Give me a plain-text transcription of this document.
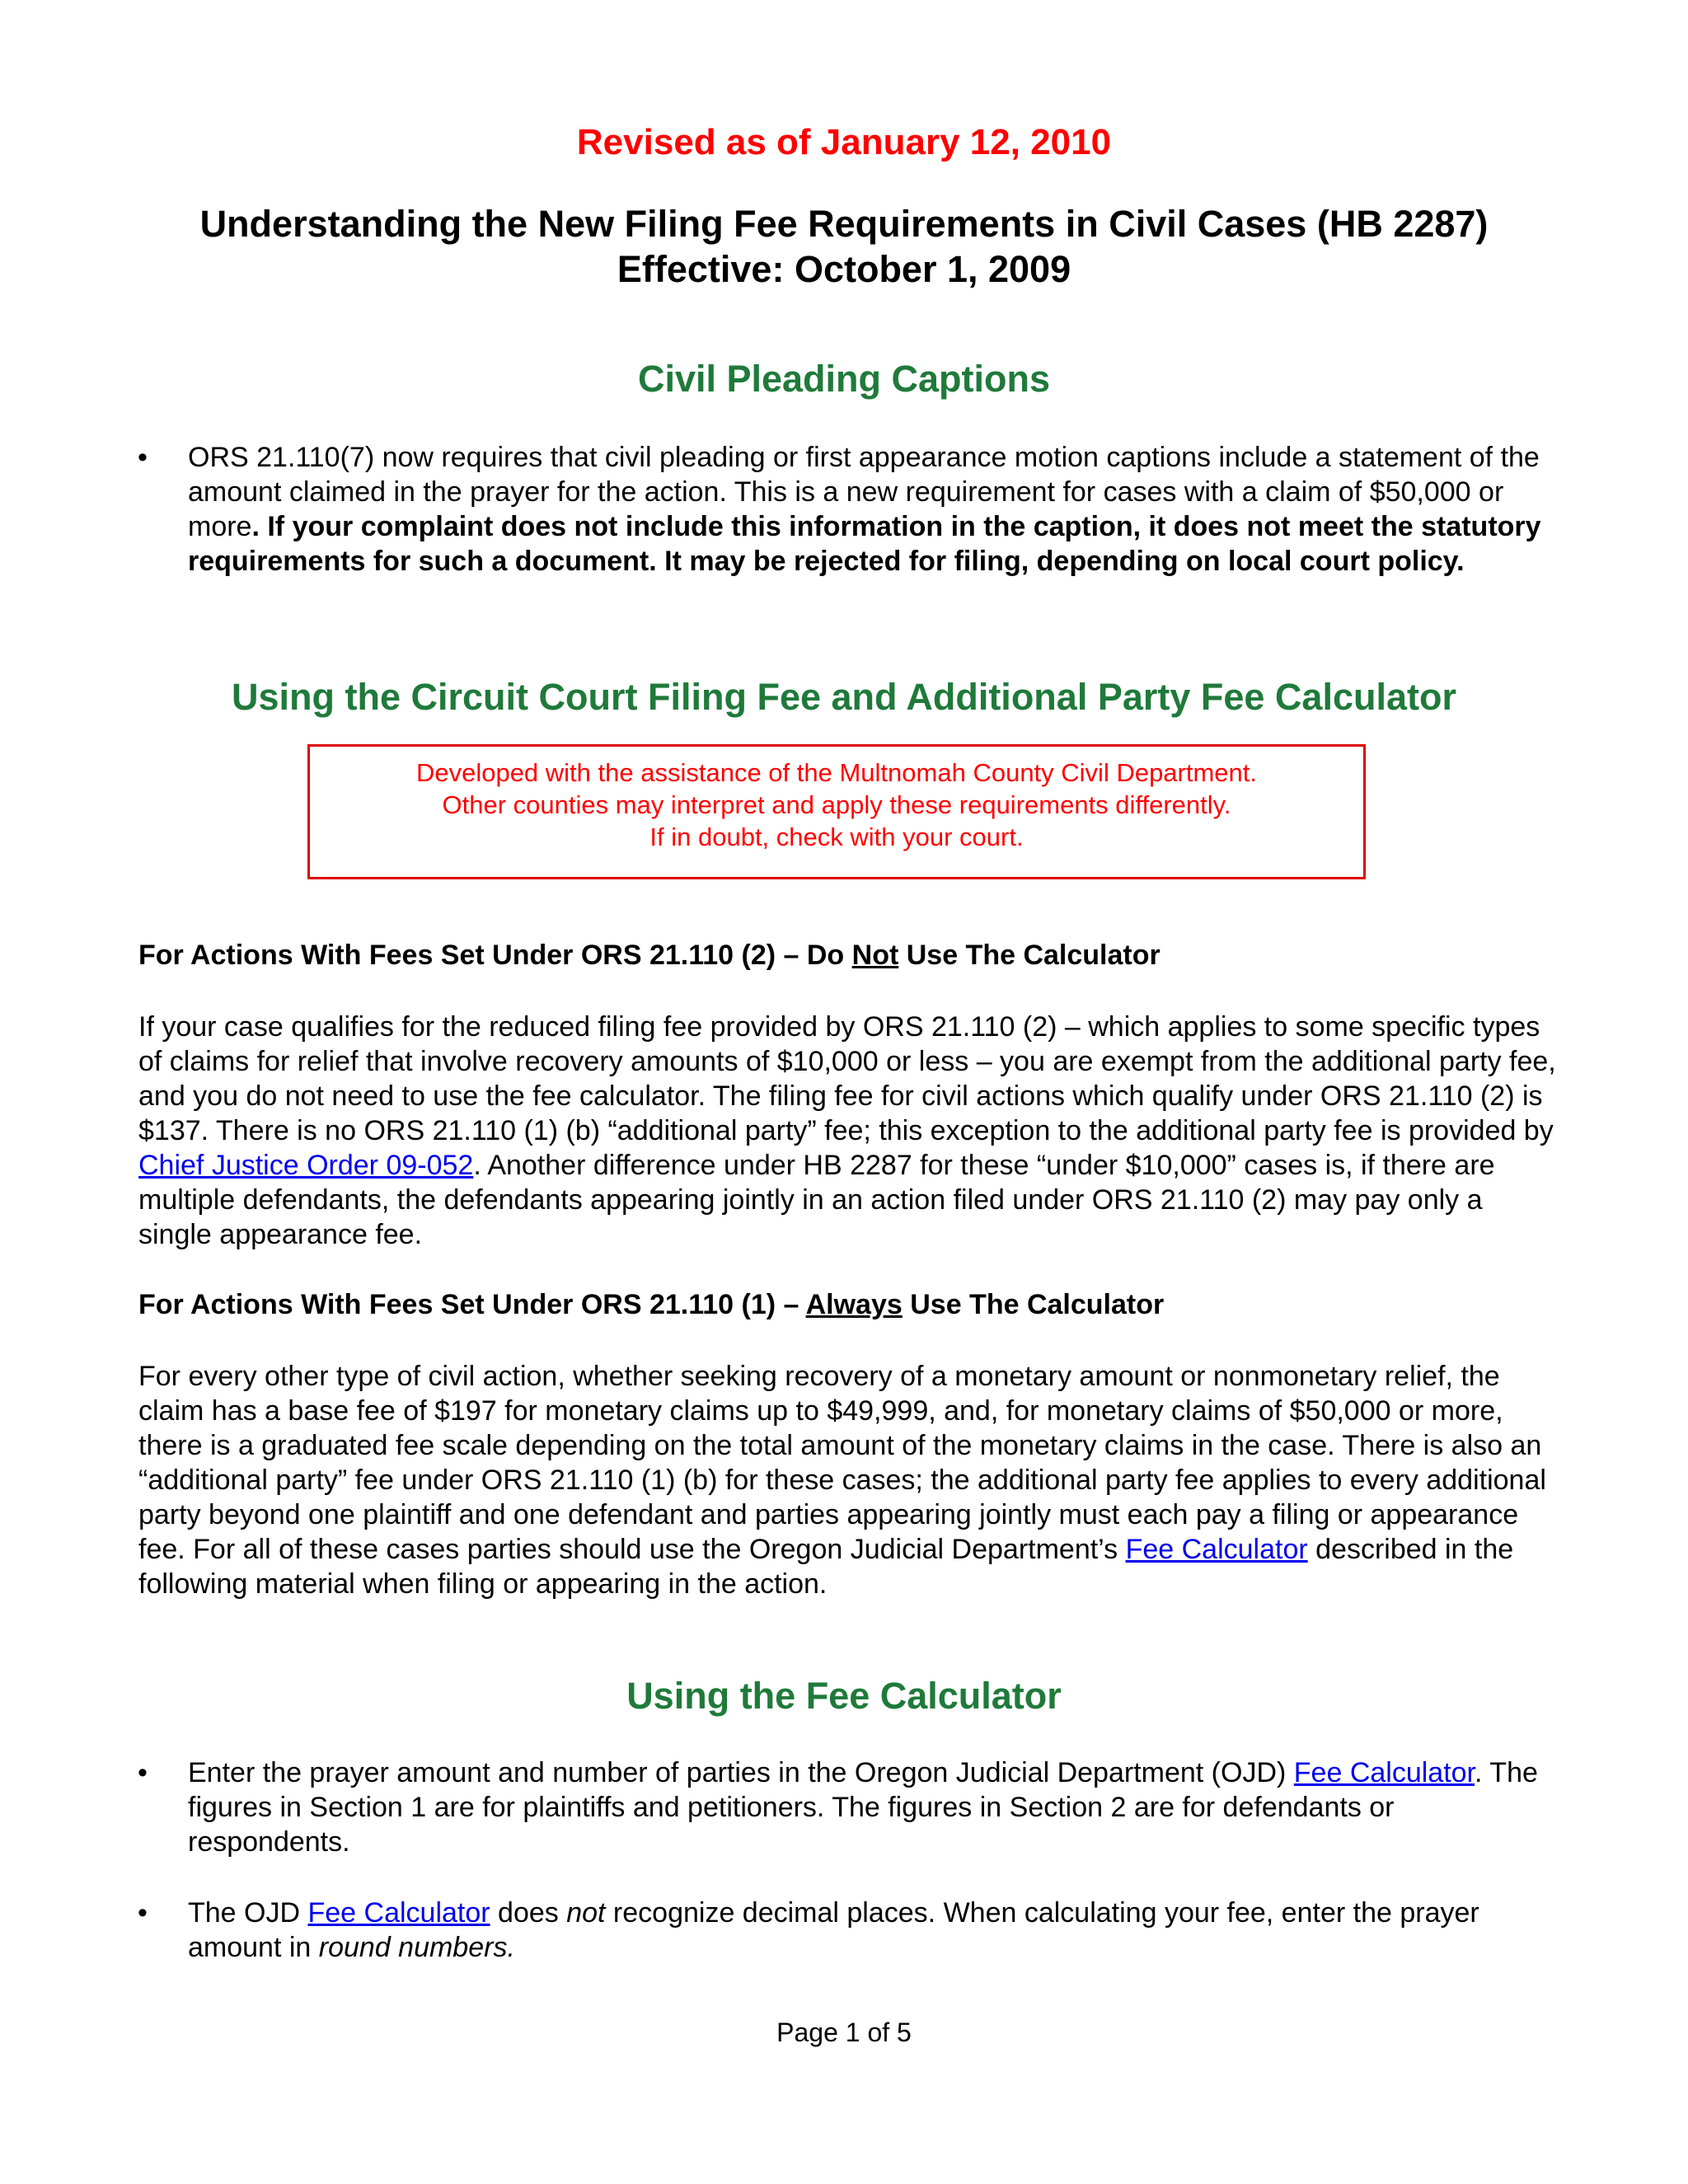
Revised as of January 12, 2010
Understanding the New Filing Fee Requirements in Civil Cases (HB 2287)
Effective: October 1, 2009
Civil Pleading Captions
• ORS 21.110(7) now requires that civil pleading or first appearance motion captions include a statement of the amount claimed in the prayer for the action. This is a new requirement for cases with a claim of $50,000 or more. If your complaint does not include this information in the caption, it does not meet the statutory requirements for such a document. It may be rejected for filing, depending on local court policy.
Using the Circuit Court Filing Fee and Additional Party Fee Calculator
Developed with the assistance of the Multnomah County Civil Department.
Other counties may interpret and apply these requirements differently.
If in doubt, check with your court.
For Actions With Fees Set Under ORS 21.110 (2) – Do Not Use The Calculator

If your case qualifies for the reduced filing fee provided by ORS 21.110 (2) – which applies to some specific types of claims for relief that involve recovery amounts of $10,000 or less – you are exempt from the additional party fee, and you do not need to use the fee calculator. The filing fee for civil actions which qualify under ORS 21.110 (2) is $137. There is no ORS 21.110 (1) (b) “additional party” fee; this exception to the additional party fee is provided by Chief Justice Order 09-052. Another difference under HB 2287 for these “under $10,000” cases is, if there are multiple defendants, the defendants appearing jointly in an action filed under ORS 21.110 (2) may pay only a single appearance fee.

For Actions With Fees Set Under ORS 21.110 (1) – Always Use The Calculator

For every other type of civil action, whether seeking recovery of a monetary amount or nonmonetary relief, the claim has a base fee of $197 for monetary claims up to $49,999, and, for monetary claims of $50,000 or more, there is a graduated fee scale depending on the total amount of the monetary claims in the case. There is also an “additional party” fee under ORS 21.110 (1) (b) for these cases; the additional party fee applies to every additional party beyond one plaintiff and one defendant and parties appearing jointly must each pay a filing or appearance fee. For all of these cases parties should use the Oregon Judicial Department’s Fee Calculator described in the following material when filing or appearing in the action.

Using the Fee Calculator
• Enter the prayer amount and number of parties in the Oregon Judicial Department (OJD) Fee Calculator. The figures in Section 1 are for plaintiffs and petitioners. The figures in Section 2 are for defendants or respondents.
• The OJD Fee Calculator does not recognize decimal places. When calculating your fee, enter the prayer amount in round numbers.
Page 1 of 5
